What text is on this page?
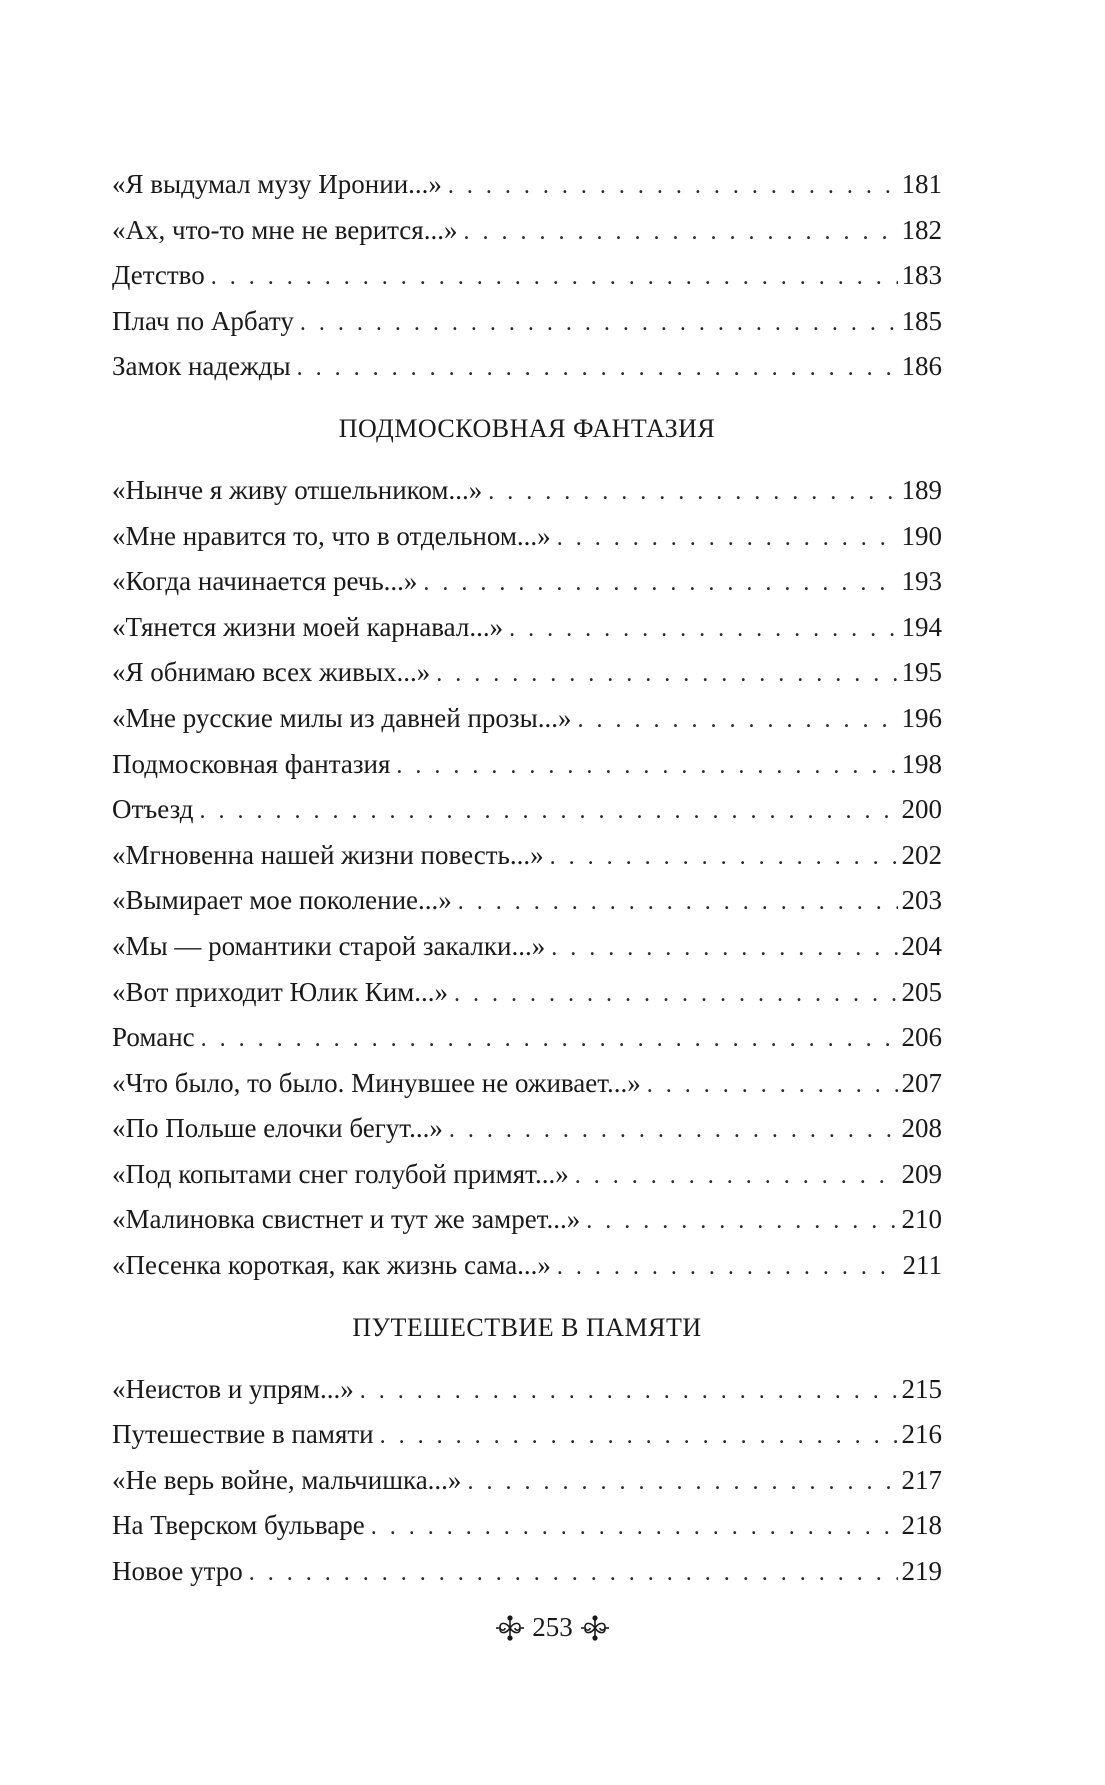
«Я выдумал музу Иронии...» . . .	181
«Ах, что-то мне не верится...» . . .	182
Детство . . .	183
Плач по Арбату . . .	185
Замок надежды . . .	186
ПОДМОСКОВНАЯ ФАНТАЗИЯ
«Нынче я живу отшельником...» . . .	189
«Мне нравится то, что в отдельном...» . . .	190
«Когда начинается речь...» . . .	193
«Тянется жизни моей карнавал...» . . .	194
«Я обнимаю всех живых...» . . .	195
«Мне русские милы из давней прозы...» . . .	196
Подмосковная фантазия . . .	198
Отъезд . . .	200
«Мгновенна нашей жизни повесть...» . . .	202
«Вымирает мое поколение...» . . .	203
«Мы — романтики старой закалки...» . . .	204
«Вот приходит Юлик Ким...» . . .	205
Романс . . .	206
«Что было, то было. Минувшее не оживает...» . . .	207
«По Польше елочки бегут...» . . .	208
«Под копытами снег голубой примят...» . . .	209
«Малиновка свистнет и тут же замрет...» . . .	210
«Песенка короткая, как жизнь сама...» . . .	211
ПУТЕШЕСТВИЕ В ПАМЯТИ
«Неистов и упрям...» . . .	215
Путешествие в памяти . . .	216
«Не верь войне, мальчишка...» . . .	217
На Тверском бульваре . . .	218
Новое утро . . .	219
253
